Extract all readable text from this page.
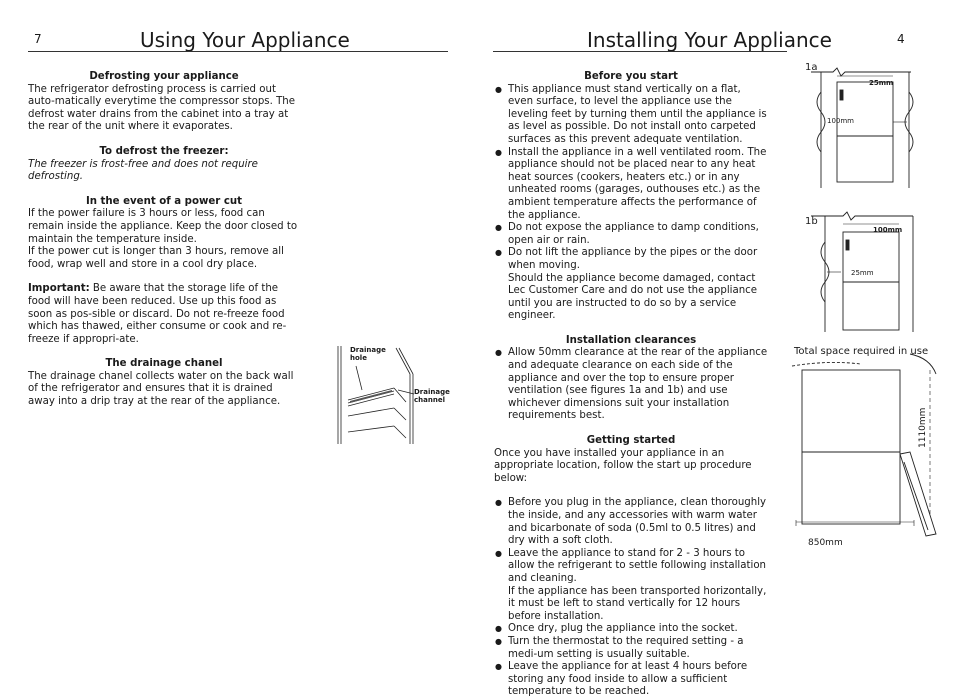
7	Using Your Appliance
Defrosting your appliance
The refrigerator defrosting process is carried out auto-matically everytime the compressor stops. The defrost water drains from the cabinet into a tray at the rear of the unit where it evaporates.
To defrost the freezer:
The freezer is frost-free and does not require defrosting.
In the event of a power cut
If the power failure is 3 hours or less, food can remain inside the appliance. Keep the door closed to maintain the temperature inside.
If the power cut is longer than 3 hours, remove all food, wrap well and store in a cool dry place.
Important: Be aware that the storage life of the food will have been reduced. Use up this food as soon as pos-sible or discard. Do not re-freeze food which has thawed, either consume or cook and re-freeze if appropri-ate.
The drainage chanel
The drainage chanel collects water on the back wall of the refrigerator and ensures that it is drained away into a drip tray at the rear of the appliance.
Drainage hole
Drainage channel
Installing Your Appliance	4
Before you start
● This appliance must stand vertically on a flat, even surface, to level the appliance use the leveling feet by turning them until the appliance is as level as possible. Do not install onto carpeted surfaces as this prevent adequate ventilation.
● Install the appliance in a well ventilated room. The appliance should not be placed near to any heat heat sources (cookers, heaters etc.) or in any unheated rooms (garages, outhouses etc.) as the ambient temperature affects the performance of the appliance.
● Do not expose the appliance to damp conditions, open air or rain.
● Do not lift the appliance by the pipes or the door when moving.
Should the appliance become damaged, contact Lec Customer Care and do not use the appliance until you are instructed to do so by a service engineer.
Installation clearances
● Allow 50mm clearance at the rear of the appliance and adequate clearance on each side of the appliance and over the top to ensure proper ventilation (see figures 1a and 1b) and use whichever dimensions suit your installation requirements best.
Getting started
Once you have installed your appliance in an appropriate location, follow the start up procedure below:
● Before you plug in the appliance, clean thoroughly the inside, and any accessories with warm water and bicarbonate of soda (0.5ml to 0.5 litres) and dry with a soft cloth.
● Leave the appliance to stand for 2 - 3 hours to allow the refrigerant to settle following installation and cleaning.
If the appliance has been transported horizontally, it must be left to stand vertically for 12 hours before installation.
● Once dry, plug the appliance into the socket.
● Turn the thermostat to the required setting - a medi-um setting is usually suitable.
● Leave the appliance for at least 4 hours before storing any food inside to allow a sufficient temperature to be reached.
1a
25mm
100mm
1b
100mm
25mm
Total space required in use
1110mm
850mm
